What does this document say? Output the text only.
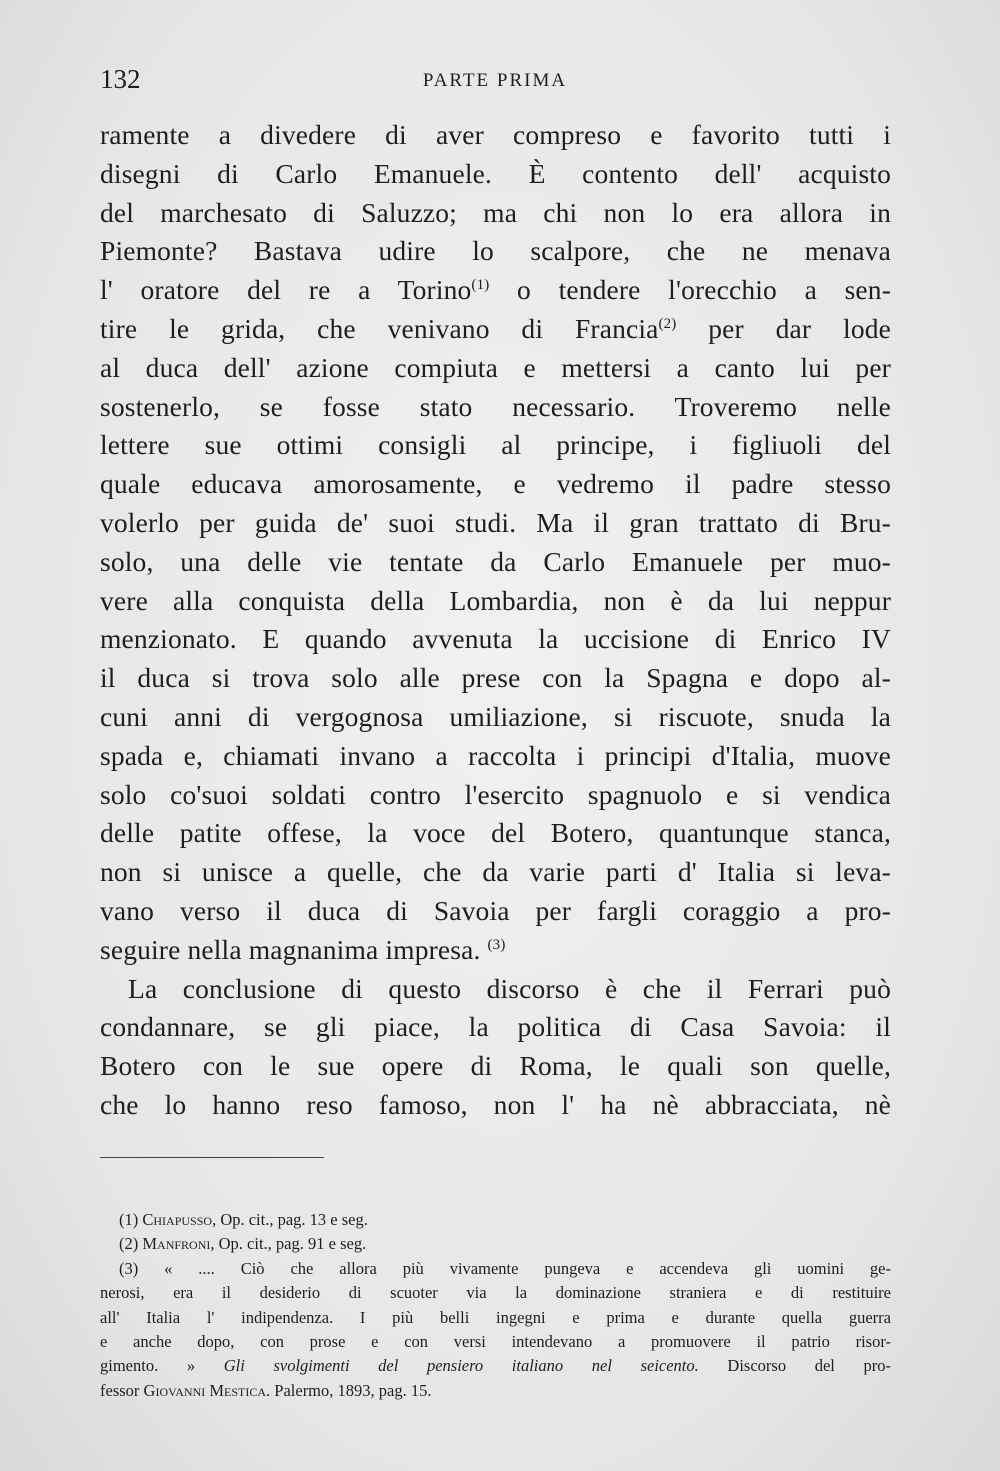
132	PARTE PRIMA
ramente a divedere di aver compreso e favorito tutti i
disegni di Carlo Emanuele. È contento dell' acquisto
del marchesato di Saluzzo; ma chi non lo era allora in
Piemonte? Bastava udire lo scalpore, che ne menava
l' oratore del re a Torino$^{(1)}$ o tendere l'orecchio a sen-
tire le grida, che venivano di Francia$^{(2)}$ per dar lode
al duca dell' azione compiuta e mettersi a canto lui per
sostenerlo, se fosse stato necessario. Troveremo nelle
lettere sue ottimi consigli al principe, i figliuoli del
quale educava amorosamente, e vedremo il padre stesso
volerlo per guida de' suoi studi. Ma il gran trattato di Bru-
solo, una delle vie tentate da Carlo Emanuele per muo-
vere alla conquista della Lombardia, non è da lui neppur
menzionato. E quando avvenuta la uccisione di Enrico IV
il duca si trova solo alle prese con la Spagna e dopo al-
cuni anni di vergognosa umiliazione, si riscuote, snuda la
spada e, chiamati invano a raccolta i principi d'Italia, muove
solo co'suoi soldati contro l'esercito spagnuolo e si vendica
delle patite offese, la voce del Botero, quantunque stanca,
non si unisce a quelle, che da varie parti d' Italia si leva-
vano verso il duca di Savoia per fargli coraggio a pro-
seguire nella magnanima impresa. $^{(3)}$
La conclusione di questo discorso è che il Ferrari può
condannare, se gli piace, la politica di Casa Savoia: il
Botero con le sue opere di Roma, le quali son quelle,
che lo hanno reso famoso, non l' ha nè abbracciata, nè
(1) Chiapusso, Op. cit., pag. 13 e seg.
(2) Manfroni, Op. cit., pag. 91 e seg.
(3) « .... Ciò che allora più vivamente pungeva e accendeva gli uomini ge-
nerosi, era il desiderio di scuoter via la dominazione straniera e di restituire
all' Italia l' indipendenza. I più belli ingegni e prima e durante quella guerra
e anche dopo, con prose e con versi intendevano a promuovere il patrio risor-
gimento. » Gli svolgimenti del pensiero italiano nel seicento. Discorso del pro-
fessor Giovanni Mestica. Palermo, 1893, pag. 15.
